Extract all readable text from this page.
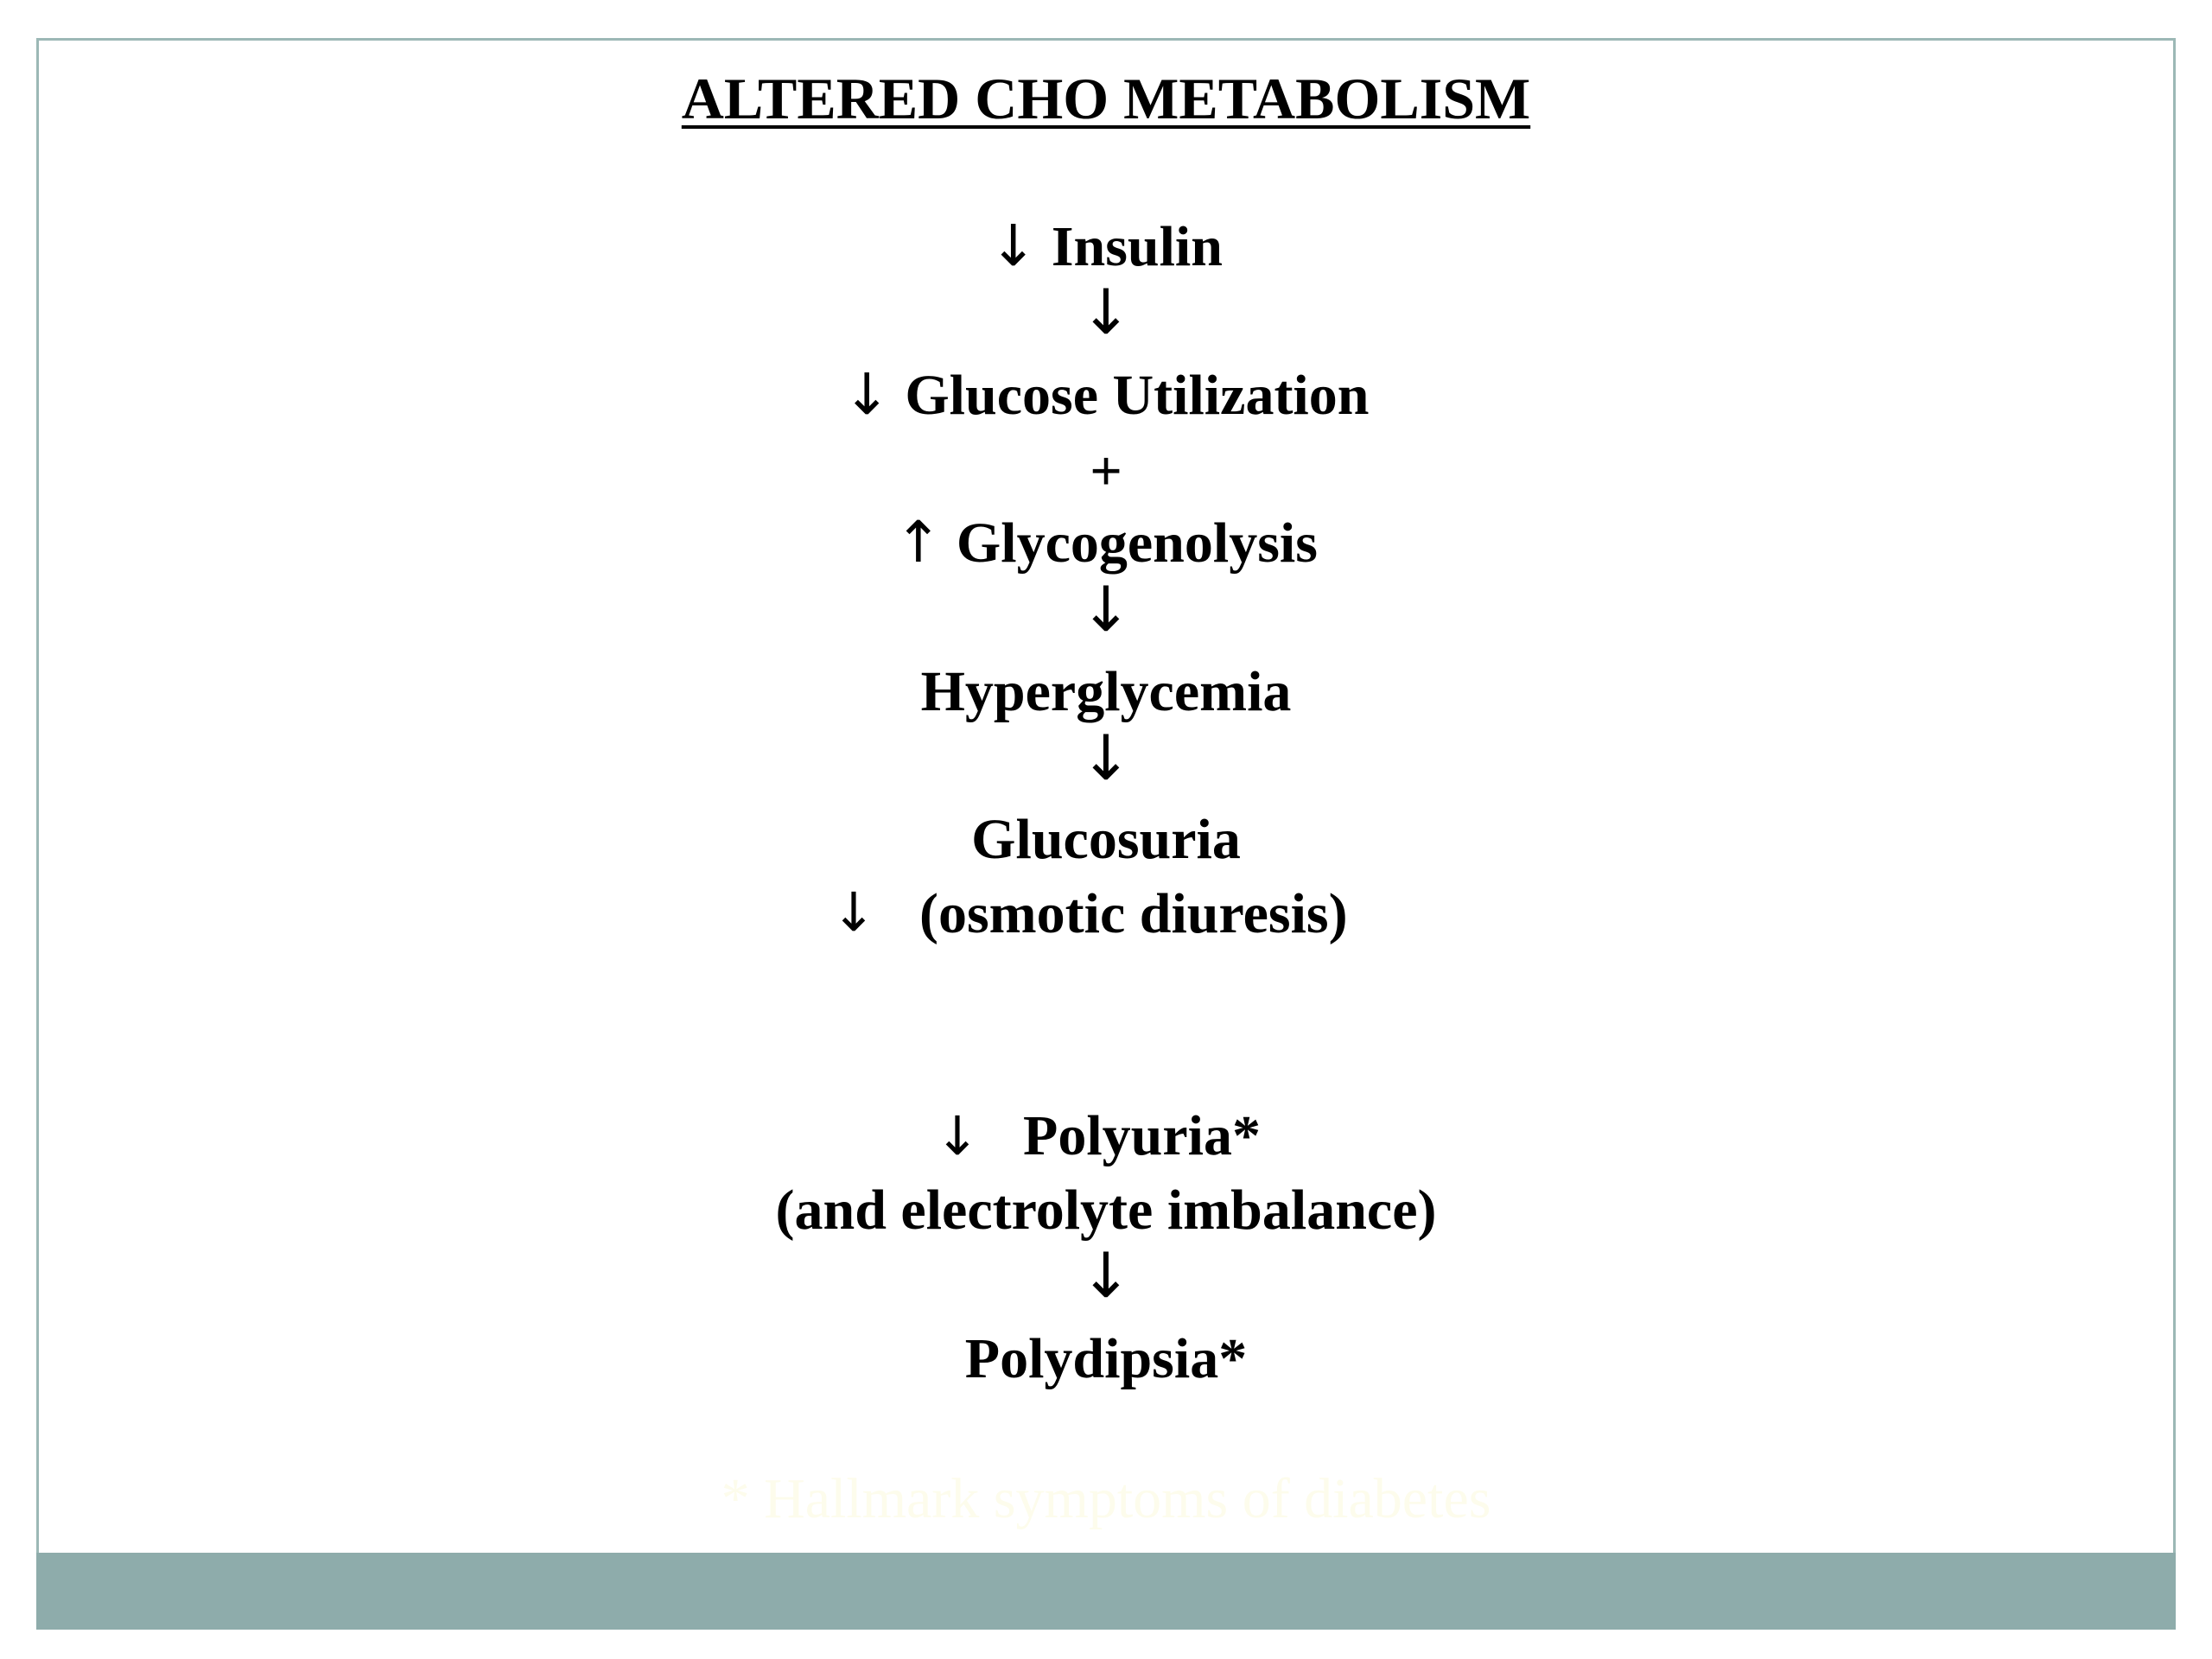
ALTERED CHO METABOLISM
↓ Insulin
↓
↓ Glucose Utilization
+
↑ Glycogenolysis
↓
Hyperglycemia
↓
Glucosuria
↓ (osmotic diuresis)
↓ Polyuria*
(and electrolyte imbalance)
↓
Polydipsia*
* Hallmark symptoms of diabetes
